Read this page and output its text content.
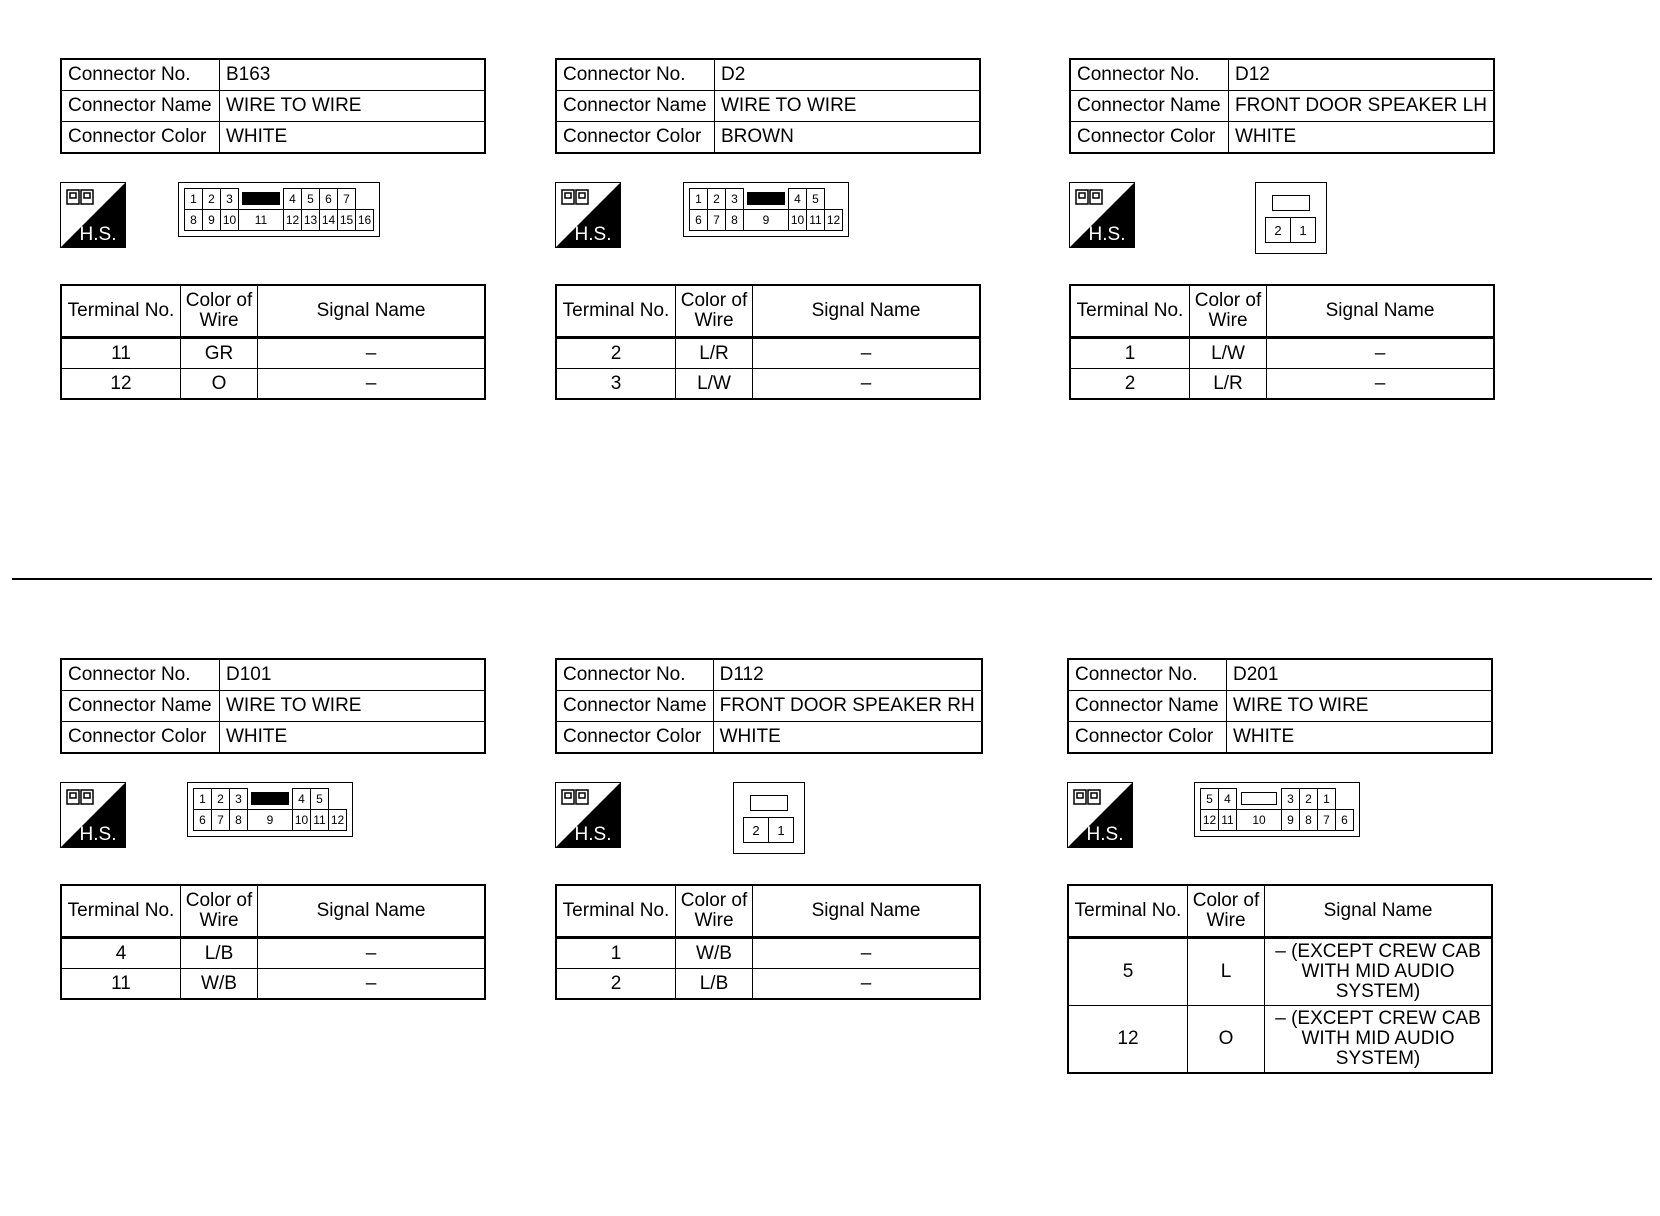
Connector No.	B163
Connector Name	WIRE TO WIRE
Connector Color	WHITE
H.S.
1	2	3		4	5	6	7	
8	9	10	11	12	13	14	15	16
Terminal No.	Color of Wire	Signal Name
11	GR	–
12	O	–
Connector No.	D2
Connector Name	WIRE TO WIRE
Connector Color	BROWN
H.S.
1	2	3		4	5	
6	7	8	9	10	11	12
Terminal No.	Color of Wire	Signal Name
2	L/R	–
3	L/W	–
Connector No.	D12
Connector Name	FRONT DOOR SPEAKER LH
Connector Color	WHITE
H.S.	2	1
Terminal No.	Color of Wire	Signal Name
1	L/W	–
2	L/R	–
Connector No.	D101
Connector Name	WIRE TO WIRE
Connector Color	WHITE
H.S.
1	2	3		4	5	
6	7	8	9	10	11	12
Terminal No.	Color of Wire	Signal Name
4	L/B	–
11	W/B	–
Connector No.	D112
Connector Name	FRONT DOOR SPEAKER RH
Connector Color	WHITE
H.S.	2	1
Terminal No.	Color of Wire	Signal Name
1	W/B	–
2	L/B	–
Connector No.	D201
Connector Name	WIRE TO WIRE
Connector Color	WHITE
H.S.
5	4		3	2	1	
12	11	10	9	8	7	6
Terminal No.	Color of Wire	Signal Name
5	L	– (EXCEPT CREW CAB WITH MID AUDIO SYSTEM)
12	O	– (EXCEPT CREW CAB WITH MID AUDIO SYSTEM)
